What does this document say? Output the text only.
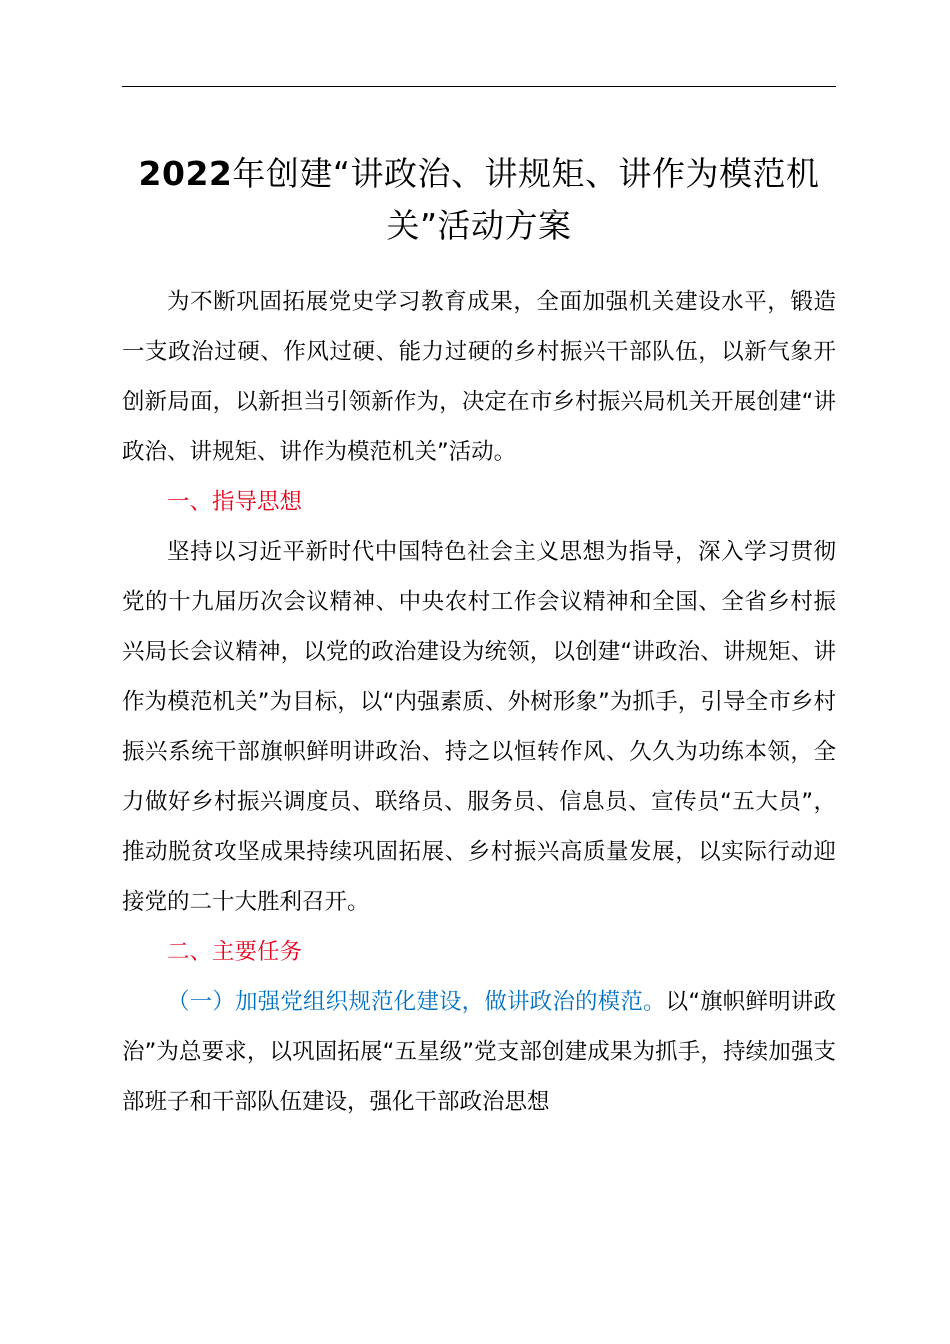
2022年创建“讲政治、讲规矩、讲作为模范机关”活动方案

为不断巩固拓展党史学习教育成果，全面加强机关建设水平，锻造一支政治过硬、作风过硬、能力过硬的乡村振兴干部队伍，以新气象开创新局面，以新担当引领新作为，决定在市乡村振兴局机关开展创建“讲政治、讲规矩、讲作为模范机关”活动。

一、指导思想

坚持以习近平新时代中国特色社会主义思想为指导，深入学习贯彻党的十九届历次会议精神、中央农村工作会议精神和全国、全省乡村振兴局长会议精神，以党的政治建设为统领，以创建“讲政治、讲规矩、讲作为模范机关”为目标，以“内强素质、外树形象”为抓手，引导全市乡村振兴系统干部旗帜鲜明讲政治、持之以恒转作风、久久为功练本领，全力做好乡村振兴调度员、联络员、服务员、信息员、宣传员“五大员”，推动脱贫攻坚成果持续巩固拓展、乡村振兴高质量发展，以实际行动迎接党的二十大胜利召开。

二、主要任务

（一）加强党组织规范化建设，做讲政治的模范。以“旗帜鲜明讲政治”为总要求，以巩固拓展“五星级”党支部创建成果为抓手，持续加强支部班子和干部队伍建设，强化干部政治思想
